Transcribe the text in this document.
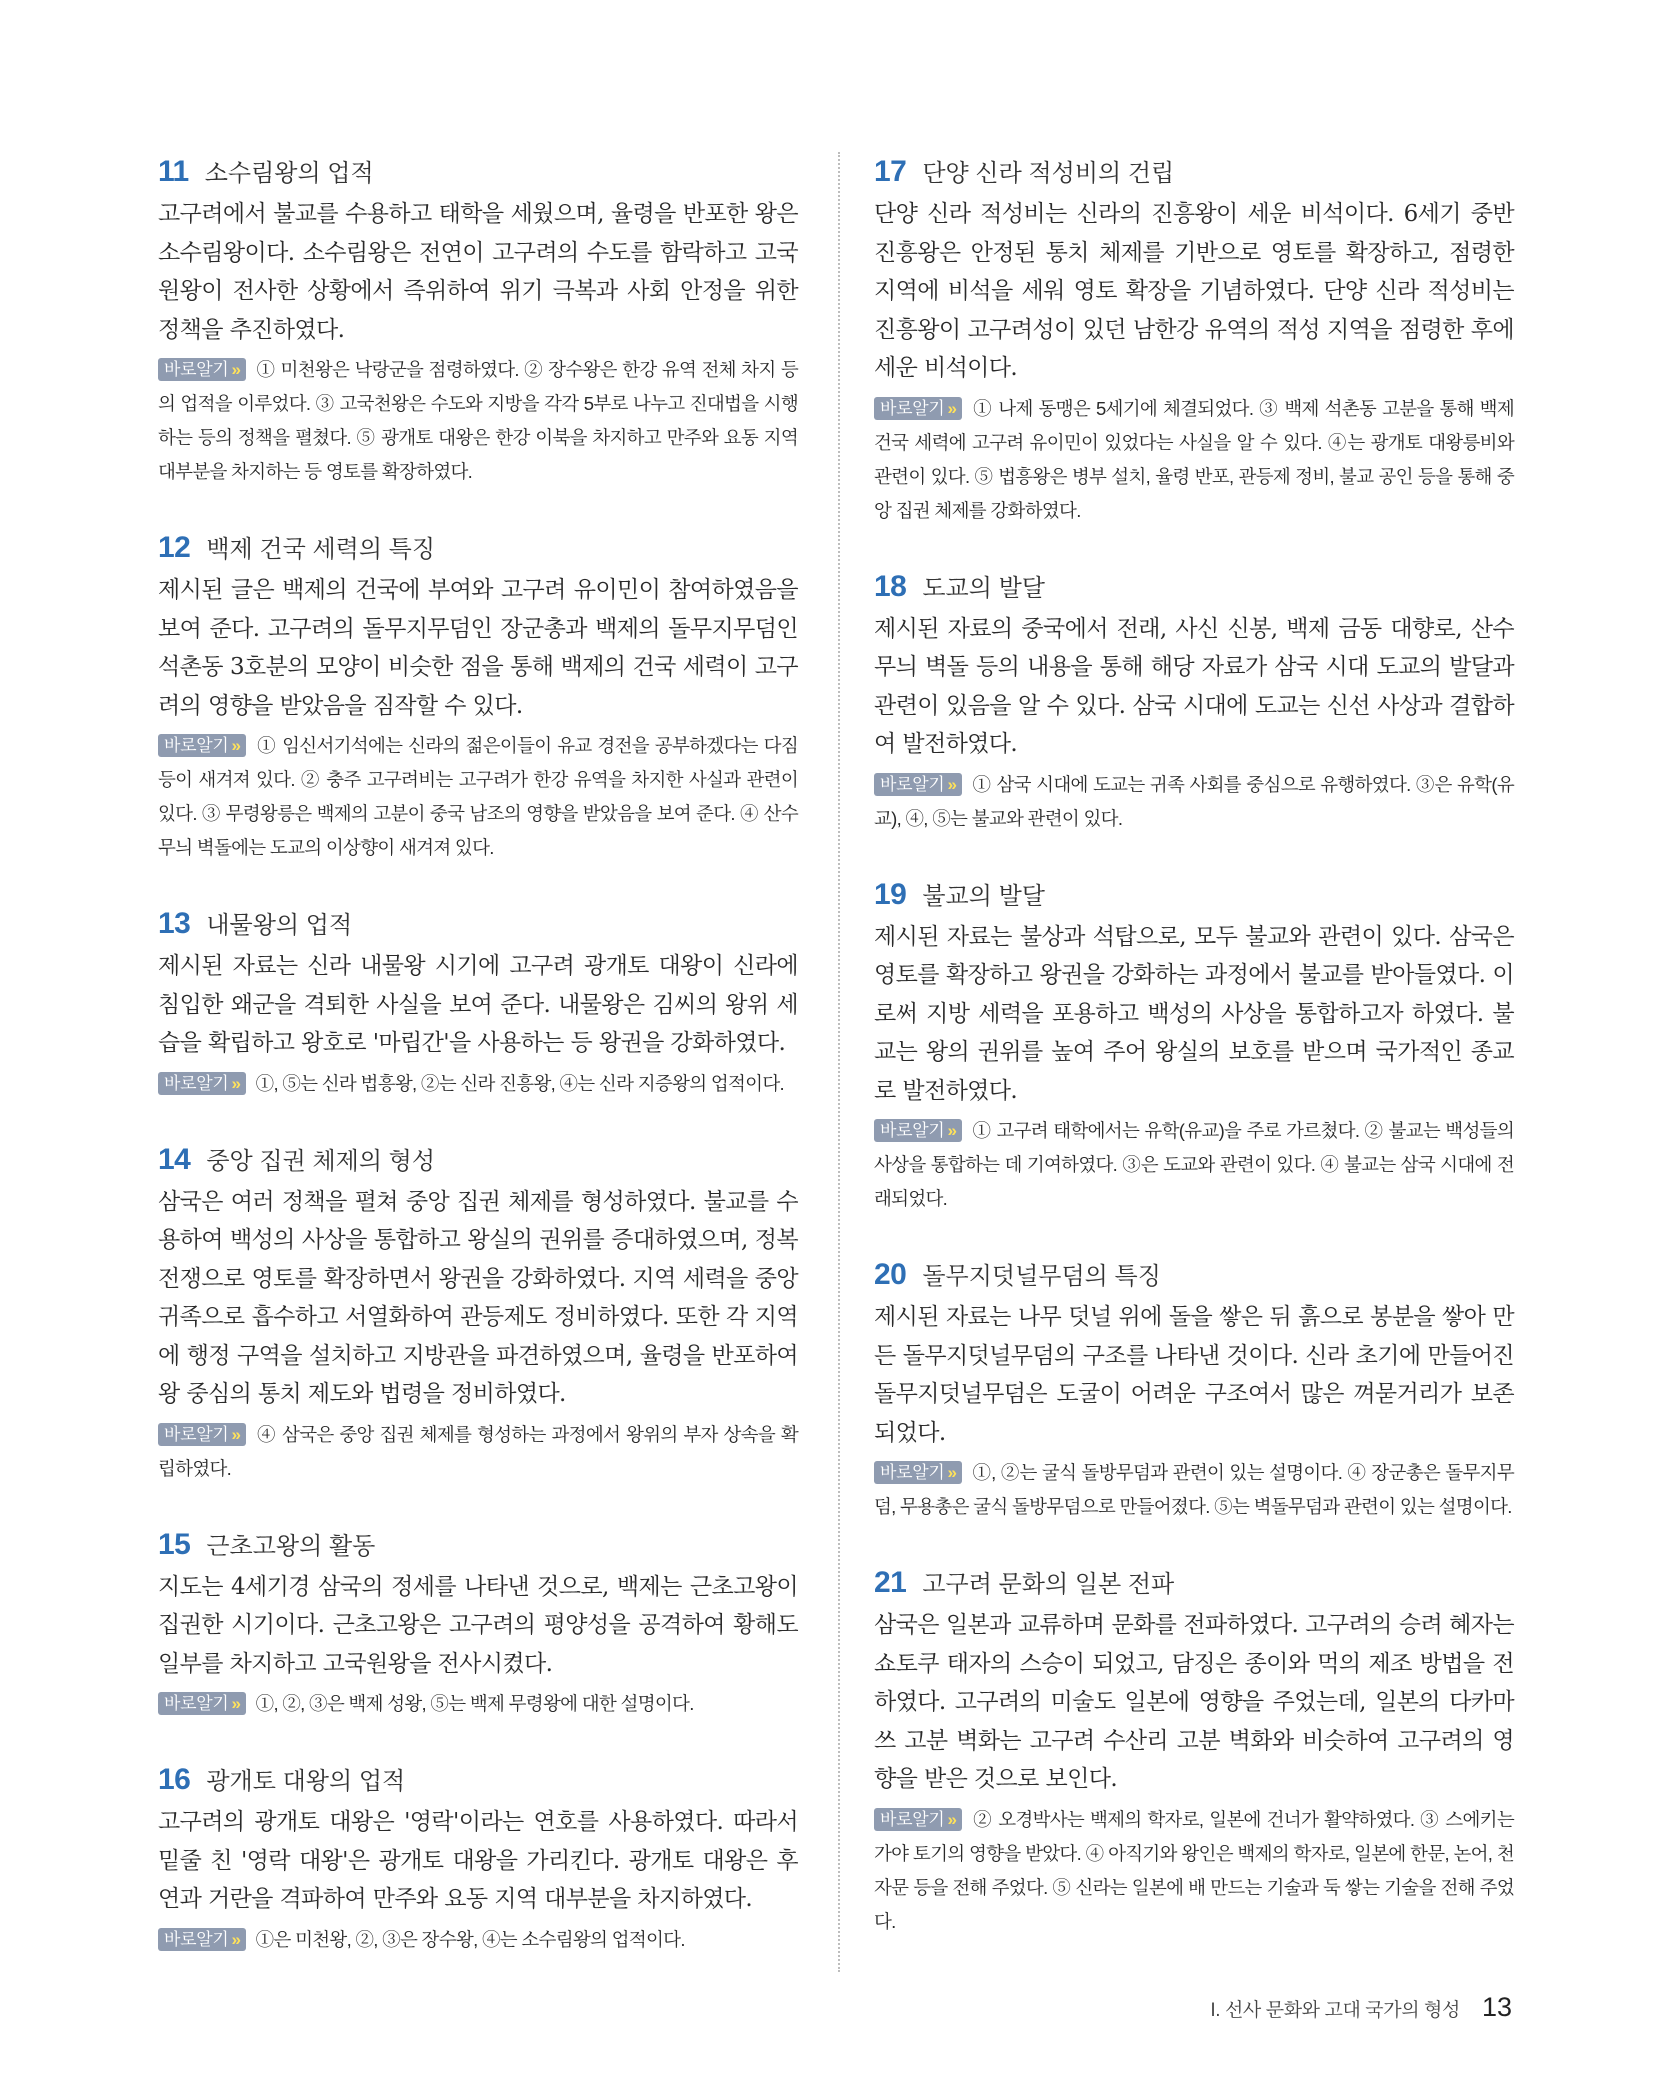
11 소수림왕의 업적

고구려에서 불교를 수용하고 태학을 세웠으며, 율령을 반포한 왕은 소수림왕이다. 소수림왕은 전연이 고구려의 수도를 함락하고 고국원왕이 전사한 상황에서 즉위하여 위기 극복과 사회 안정을 위한 정책을 추진하였다.

바로알기 » ① 미천왕은 낙랑군을 점령하였다. ② 장수왕은 한강 유역 전체 차지 등의 업적을 이루었다. ③ 고국천왕은 수도와 지방을 각각 5부로 나누고 진대법을 시행하는 등의 정책을 펼쳤다. ⑤ 광개토 대왕은 한강 이북을 차지하고 만주와 요동 지역 대부분을 차지하는 등 영토를 확장하였다.

12 백제 건국 세력의 특징

제시된 글은 백제의 건국에 부여와 고구려 유이민이 참여하였음을 보여 준다. 고구려의 돌무지무덤인 장군총과 백제의 돌무지무덤인 석촌동 3호분의 모양이 비슷한 점을 통해 백제의 건국 세력이 고구려의 영향을 받았음을 짐작할 수 있다.

바로알기 » ① 임신서기석에는 신라의 젊은이들이 유교 경전을 공부하겠다는 다짐 등이 새겨져 있다. ② 충주 고구려비는 고구려가 한강 유역을 차지한 사실과 관련이 있다. ③ 무령왕릉은 백제의 고분이 중국 남조의 영향을 받았음을 보여 준다. ④ 산수무늬 벽돌에는 도교의 이상향이 새겨져 있다.

13 내물왕의 업적

제시된 자료는 신라 내물왕 시기에 고구려 광개토 대왕이 신라에 침입한 왜군을 격퇴한 사실을 보여 준다. 내물왕은 김씨의 왕위 세습을 확립하고 왕호로 '마립간'을 사용하는 등 왕권을 강화하였다.

바로알기 » ①, ⑤는 신라 법흥왕, ②는 신라 진흥왕, ④는 신라 지증왕의 업적이다.

14 중앙 집권 체제의 형성

삼국은 여러 정책을 펼쳐 중앙 집권 체제를 형성하였다. 불교를 수용하여 백성의 사상을 통합하고 왕실의 권위를 증대하였으며, 정복 전쟁으로 영토를 확장하면서 왕권을 강화하였다. 지역 세력을 중앙 귀족으로 흡수하고 서열화하여 관등제도 정비하였다. 또한 각 지역에 행정 구역을 설치하고 지방관을 파견하였으며, 율령을 반포하여 왕 중심의 통치 제도와 법령을 정비하였다.

바로알기 » ④ 삼국은 중앙 집권 체제를 형성하는 과정에서 왕위의 부자 상속을 확립하였다.

15 근초고왕의 활동

지도는 4세기경 삼국의 정세를 나타낸 것으로, 백제는 근초고왕이 집권한 시기이다. 근초고왕은 고구려의 평양성을 공격하여 황해도 일부를 차지하고 고국원왕을 전사시켰다.

바로알기 » ①, ②, ③은 백제 성왕, ⑤는 백제 무령왕에 대한 설명이다.

16 광개토 대왕의 업적

고구려의 광개토 대왕은 '영락'이라는 연호를 사용하였다. 따라서 밑줄 친 '영락 대왕'은 광개토 대왕을 가리킨다. 광개토 대왕은 후연과 거란을 격파하여 만주와 요동 지역 대부분을 차지하였다.

바로알기 » ①은 미천왕, ②, ③은 장수왕, ④는 소수림왕의 업적이다.

17 단양 신라 적성비의 건립

단양 신라 적성비는 신라의 진흥왕이 세운 비석이다. 6세기 중반 진흥왕은 안정된 통치 체제를 기반으로 영토를 확장하고, 점령한 지역에 비석을 세워 영토 확장을 기념하였다. 단양 신라 적성비는 진흥왕이 고구려성이 있던 남한강 유역의 적성 지역을 점령한 후에 세운 비석이다.

바로알기 » ① 나제 동맹은 5세기에 체결되었다. ③ 백제 석촌동 고분을 통해 백제 건국 세력에 고구려 유이민이 있었다는 사실을 알 수 있다. ④는 광개토 대왕릉비와 관련이 있다. ⑤ 법흥왕은 병부 설치, 율령 반포, 관등제 정비, 불교 공인 등을 통해 중앙 집권 체제를 강화하였다.

18 도교의 발달

제시된 자료의 중국에서 전래, 사신 신봉, 백제 금동 대향로, 산수무늬 벽돌 등의 내용을 통해 해당 자료가 삼국 시대 도교의 발달과 관련이 있음을 알 수 있다. 삼국 시대에 도교는 신선 사상과 결합하여 발전하였다.

바로알기 » ① 삼국 시대에 도교는 귀족 사회를 중심으로 유행하였다. ③은 유학(유교), ④, ⑤는 불교와 관련이 있다.

19 불교의 발달

제시된 자료는 불상과 석탑으로, 모두 불교와 관련이 있다. 삼국은 영토를 확장하고 왕권을 강화하는 과정에서 불교를 받아들였다. 이로써 지방 세력을 포용하고 백성의 사상을 통합하고자 하였다. 불교는 왕의 권위를 높여 주어 왕실의 보호를 받으며 국가적인 종교로 발전하였다.

바로알기 » ① 고구려 태학에서는 유학(유교)을 주로 가르쳤다. ② 불교는 백성들의 사상을 통합하는 데 기여하였다. ③은 도교와 관련이 있다. ④ 불교는 삼국 시대에 전래되었다.

20 돌무지덧널무덤의 특징

제시된 자료는 나무 덧널 위에 돌을 쌓은 뒤 흙으로 봉분을 쌓아 만든 돌무지덧널무덤의 구조를 나타낸 것이다. 신라 초기에 만들어진 돌무지덧널무덤은 도굴이 어려운 구조여서 많은 껴묻거리가 보존되었다.

바로알기 » ①, ②는 굴식 돌방무덤과 관련이 있는 설명이다. ④ 장군총은 돌무지무덤, 무용총은 굴식 돌방무덤으로 만들어졌다. ⑤는 벽돌무덤과 관련이 있는 설명이다.

21 고구려 문화의 일본 전파

삼국은 일본과 교류하며 문화를 전파하였다. 고구려의 승려 혜자는 쇼토쿠 태자의 스승이 되었고, 담징은 종이와 먹의 제조 방법을 전하였다. 고구려의 미술도 일본에 영향을 주었는데, 일본의 다카마쓰 고분 벽화는 고구려 수산리 고분 벽화와 비슷하여 고구려의 영향을 받은 것으로 보인다.

바로알기 » ② 오경박사는 백제의 학자로, 일본에 건너가 활약하였다. ③ 스에키는 가야 토기의 영향을 받았다. ④ 아직기와 왕인은 백제의 학자로, 일본에 한문, 논어, 천자문 등을 전해 주었다. ⑤ 신라는 일본에 배 만드는 기술과 둑 쌓는 기술을 전해 주었다.

I. 선사 문화와 고대 국가의 형성 13
